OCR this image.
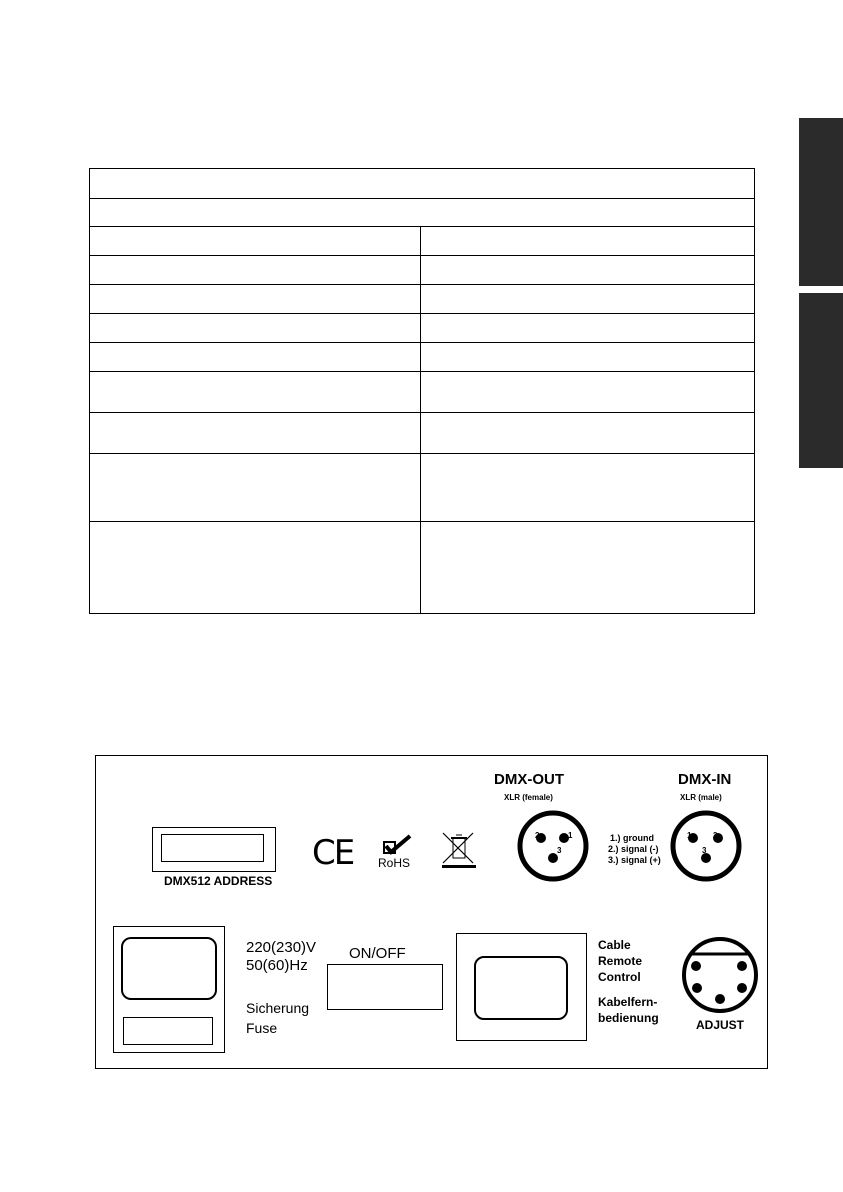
DMX512 ADDRESS
CE RoHS
DMX-OUT
XLR (female)
2	1
3
1.) ground
2.) signal (-)
3.) signal (+)
DMX-IN
XLR (male)
1	2
3
220(230)V
50(60)Hz
Sicherung
Fuse
ON/OFF	Cable
Remote
Control
Kabelfern-
bedienung	ADJUST
